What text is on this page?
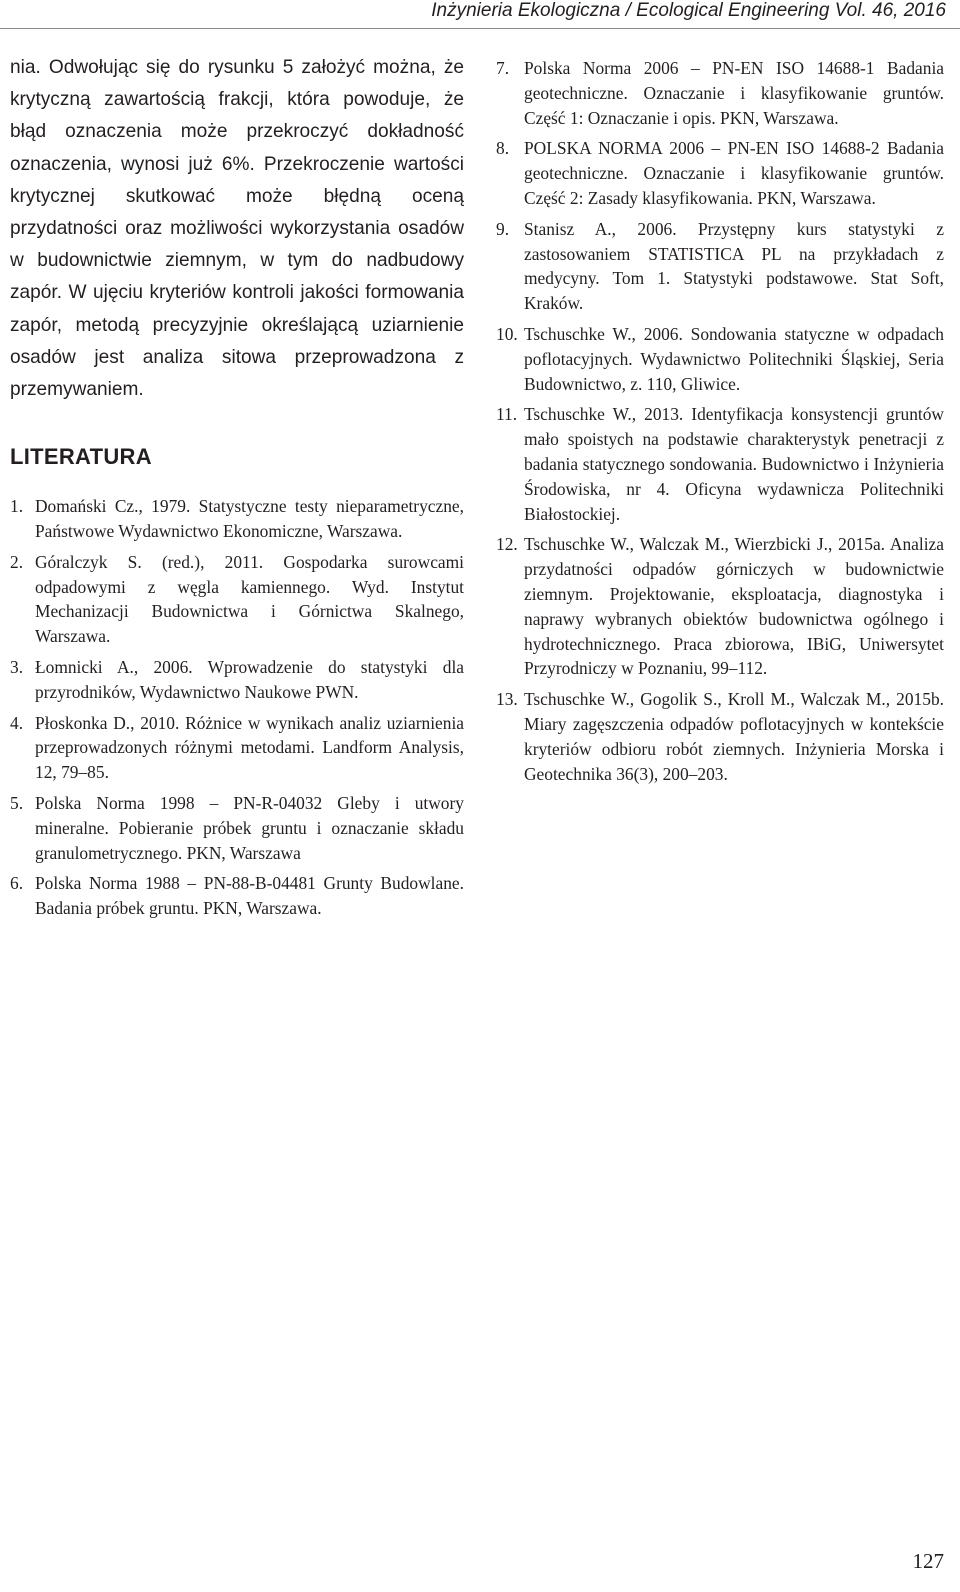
Inżynieria Ekologiczna / Ecological Engineering Vol. 46, 2016

nia. Odwołując się do rysunku 5 założyć można, że krytyczną zawartością frakcji, która powoduje, że błąd oznaczenia może przekroczyć dokładność oznaczenia, wynosi już 6%. Przekroczenie wartości krytycznej skutkować może błędną oceną przydatności oraz możliwości wykorzystania osadów w budownictwie ziemnym, w tym do nadbudowy zapór. W ujęciu kryteriów kontroli jakości formowania zapór, metodą precyzyjnie określającą uziarnienie osadów jest analiza sitowa przeprowadzona z przemywaniem.

LITERATURA
1. Domański Cz., 1979. Statystyczne testy nieparametryczne, Państwowe Wydawnictwo Ekonomiczne, Warszawa.
2. Góralczyk S. (red.), 2011. Gospodarka surowcami odpadowymi z węgla kamiennego. Wyd. Instytut Mechanizacji Budownictwa i Górnictwa Skalnego, Warszawa.
3. Łomnicki A., 2006. Wprowadzenie do statystyki dla przyrodników, Wydawnictwo Naukowe PWN.
4. Płoskonka D., 2010. Różnice w wynikach analiz uziarnienia przeprowadzonych różnymi metodami. Landform Analysis, 12, 79–85.
5. Polska Norma 1998 – PN-R-04032 Gleby i utwory mineralne. Pobieranie próbek gruntu i oznaczanie składu granulometrycznego. PKN, Warszawa
6. Polska Norma 1988 – PN-88-B-04481 Grunty Budowlane. Badania próbek gruntu. PKN, Warszawa.
7. Polska Norma 2006 – PN-EN ISO 14688-1 Badania geotechniczne. Oznaczanie i klasyfikowanie gruntów. Część 1: Oznaczanie i opis. PKN, Warszawa.
8. POLSKA NORMA 2006 – PN-EN ISO 14688-2 Badania geotechniczne. Oznaczanie i klasyfikowanie gruntów. Część 2: Zasady klasyfikowania. PKN, Warszawa.
9. Stanisz A., 2006. Przystępny kurs statystyki z zastosowaniem STATISTICA PL na przykładach z medycyny. Tom 1. Statystyki podstawowe. Stat Soft, Kraków.
10. Tschuschke W., 2006. Sondowania statyczne w odpadach poflotacyjnych. Wydawnictwo Politechniki Śląskiej, Seria Budownictwo, z. 110, Gliwice.
11. Tschuschke W., 2013. Identyfikacja konsystencji gruntów mało spoistych na podstawie charakterystyk penetracji z badania statycznego sondowania. Budownictwo i Inżynieria Środowiska, nr 4. Oficyna wydawnicza Politechniki Białostockiej.
12. Tschuschke W., Walczak M., Wierzbicki J., 2015a. Analiza przydatności odpadów górniczych w budownictwie ziemnym. Projektowanie, eksploatacja, diagnostyka i naprawy wybranych obiektów budownictwa ogólnego i hydrotechnicznego. Praca zbiorowa, IBiG, Uniwersytet Przyrodniczy w Poznaniu, 99–112.
13. Tschuschke W., Gogolik S., Kroll M., Walczak M., 2015b. Miary zagęszczenia odpadów poflotacyjnych w kontekście kryteriów odbioru robót ziemnych. Inżynieria Morska i Geotechnika 36(3), 200–203.
127
